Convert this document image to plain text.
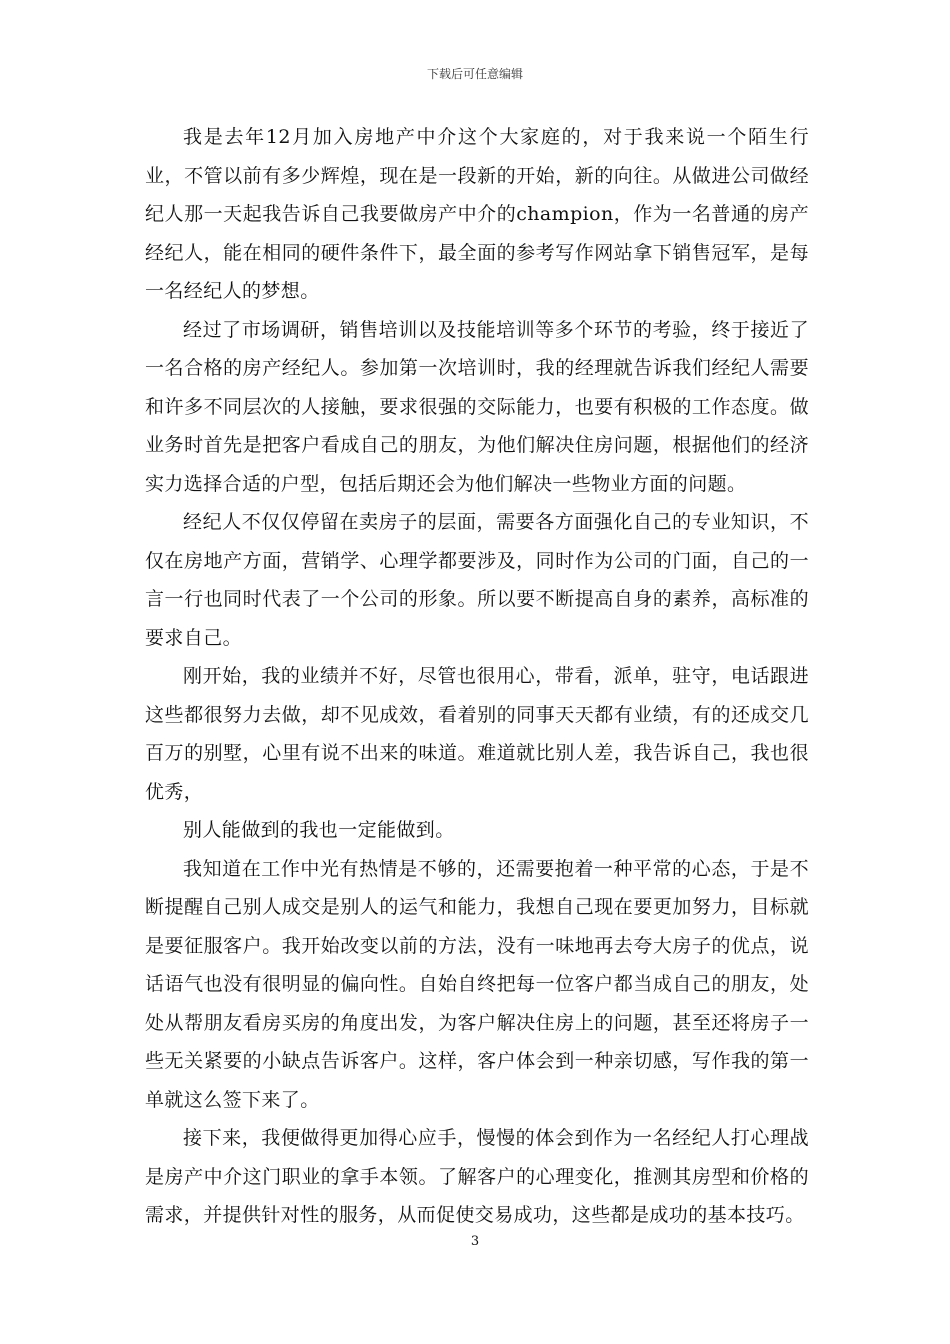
下载后可任意编辑

我是去年12月加入房地产中介这个大家庭的，对于我来说一个陌生行业，不管以前有多少辉煌，现在是一段新的开始，新的向往。从做进公司做经纪人那一天起我告诉自己我要做房产中介的champion，作为一名普通的房产经纪人，能在相同的硬件条件下，最全面的参考写作网站拿下销售冠军，是每一名经纪人的梦想。

经过了市场调研，销售培训以及技能培训等多个环节的考验，终于接近了一名合格的房产经纪人。参加第一次培训时，我的经理就告诉我们经纪人需要和许多不同层次的人接触，要求很强的交际能力，也要有积极的工作态度。做业务时首先是把客户看成自己的朋友，为他们解决住房问题，根据他们的经济实力选择合适的户型，包括后期还会为他们解决一些物业方面的问题。

经纪人不仅仅停留在卖房子的层面，需要各方面强化自己的专业知识，不仅在房地产方面，营销学、心理学都要涉及，同时作为公司的门面，自己的一言一行也同时代表了一个公司的形象。所以要不断提高自身的素养，高标准的要求自己。

刚开始，我的业绩并不好，尽管也很用心，带看，派单，驻守，电话跟进这些都很努力去做，却不见成效，看着别的同事天天都有业绩，有的还成交几百万的别墅，心里有说不出来的味道。难道就比别人差，我告诉自己，我也很优秀，

别人能做到的我也一定能做到。

我知道在工作中光有热情是不够的，还需要抱着一种平常的心态，于是不断提醒自己别人成交是别人的运气和能力，我想自己现在要更加努力，目标就是要征服客户。我开始改变以前的方法，没有一味地再去夸大房子的优点，说话语气也没有很明显的偏向性。自始自终把每一位客户都当成自己的朋友，处处从帮朋友看房买房的角度出发，为客户解决住房上的问题，甚至还将房子一些无关紧要的小缺点告诉客户。这样，客户体会到一种亲切感，写作我的第一单就这么签下来了。

接下来，我便做得更加得心应手，慢慢的体会到作为一名经纪人打心理战是房产中介这门职业的拿手本领。了解客户的心理变化，推测其房型和价格的需求，并提供针对性的服务，从而促使交易成功，这些都是成功的基本技巧。

3
